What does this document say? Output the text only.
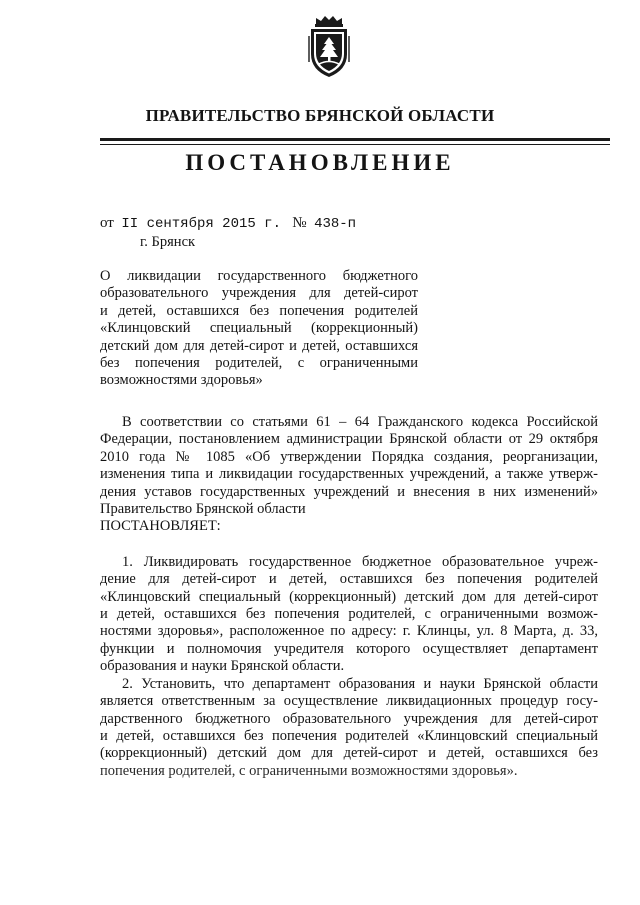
ПРАВИТЕЛЬСТВО БРЯНСКОЙ ОБЛАСТИ
ПОСТАНОВЛЕНИЕ
от II сентября 2015 г. № 438-п
г. Брянск
О ликвидации государственного бюджетного
образовательного учреждения для детей-сирот
и детей, оставшихся без попечения родителей
«Клинцовский специальный (коррекционный)
детский дом для детей-сирот и детей, оставшихся
без попечения родителей, с ограниченными
возможностями здоровья»
В соответствии со статьями 61 – 64 Гражданского кодекса Российской
Федерации, постановлением администрации Брянской области от 29 октября
2010 года № 1085 «Об утверждении Порядка создания, реорганизации,
изменения типа и ликвидации государственных учреждений, а также утверж-
дения уставов государственных учреждений и внесения в них изменений»
Правительство Брянской области
ПОСТАНОВЛЯЕТ:
1. Ликвидировать государственное бюджетное образовательное учреж-
дение для детей-сирот и детей, оставшихся без попечения родителей
«Клинцовский специальный (коррекционный) детский дом для детей-сирот
и детей, оставшихся без попечения родителей, с ограниченными возмож-
ностями здоровья», расположенное по адресу: г. Клинцы, ул. 8 Марта, д. 33,
функции и полномочия учредителя которого осуществляет департамент
образования и науки Брянской области.
2. Установить, что департамент образования и науки Брянской области
является ответственным за осуществление ликвидационных процедур госу-
дарственного бюджетного образовательного учреждения для детей-сирот
и детей, оставшихся без попечения родителей «Клинцовский специальный
(коррекционный) детский дом для детей-сирот и детей, оставшихся без
попечения родителей, с ограниченными возможностями здоровья».
